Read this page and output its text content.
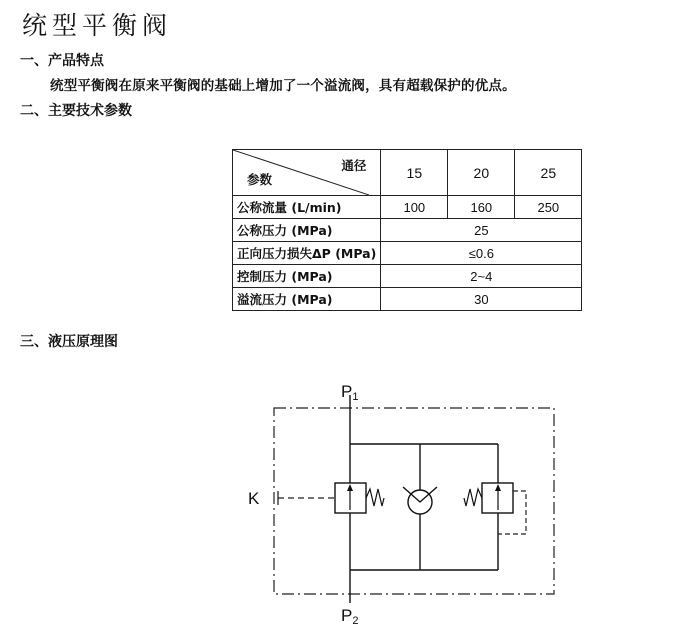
统型平衡阀
一、产品特点
统型平衡阀在原来平衡阀的基础上增加了一个溢流阀，具有超载保护的优点。
二、主要技术参数
通径
参数	15	20	25
公称流量 (L/min)	100	160	250
公称压力 (MPa)	25		
正向压力损失ΔP (MPa)	≤0.6		
控制压力 (MPa)	2~4		
溢流压力 (MPa)	30		
三、液压原理图
P1
P2
K
